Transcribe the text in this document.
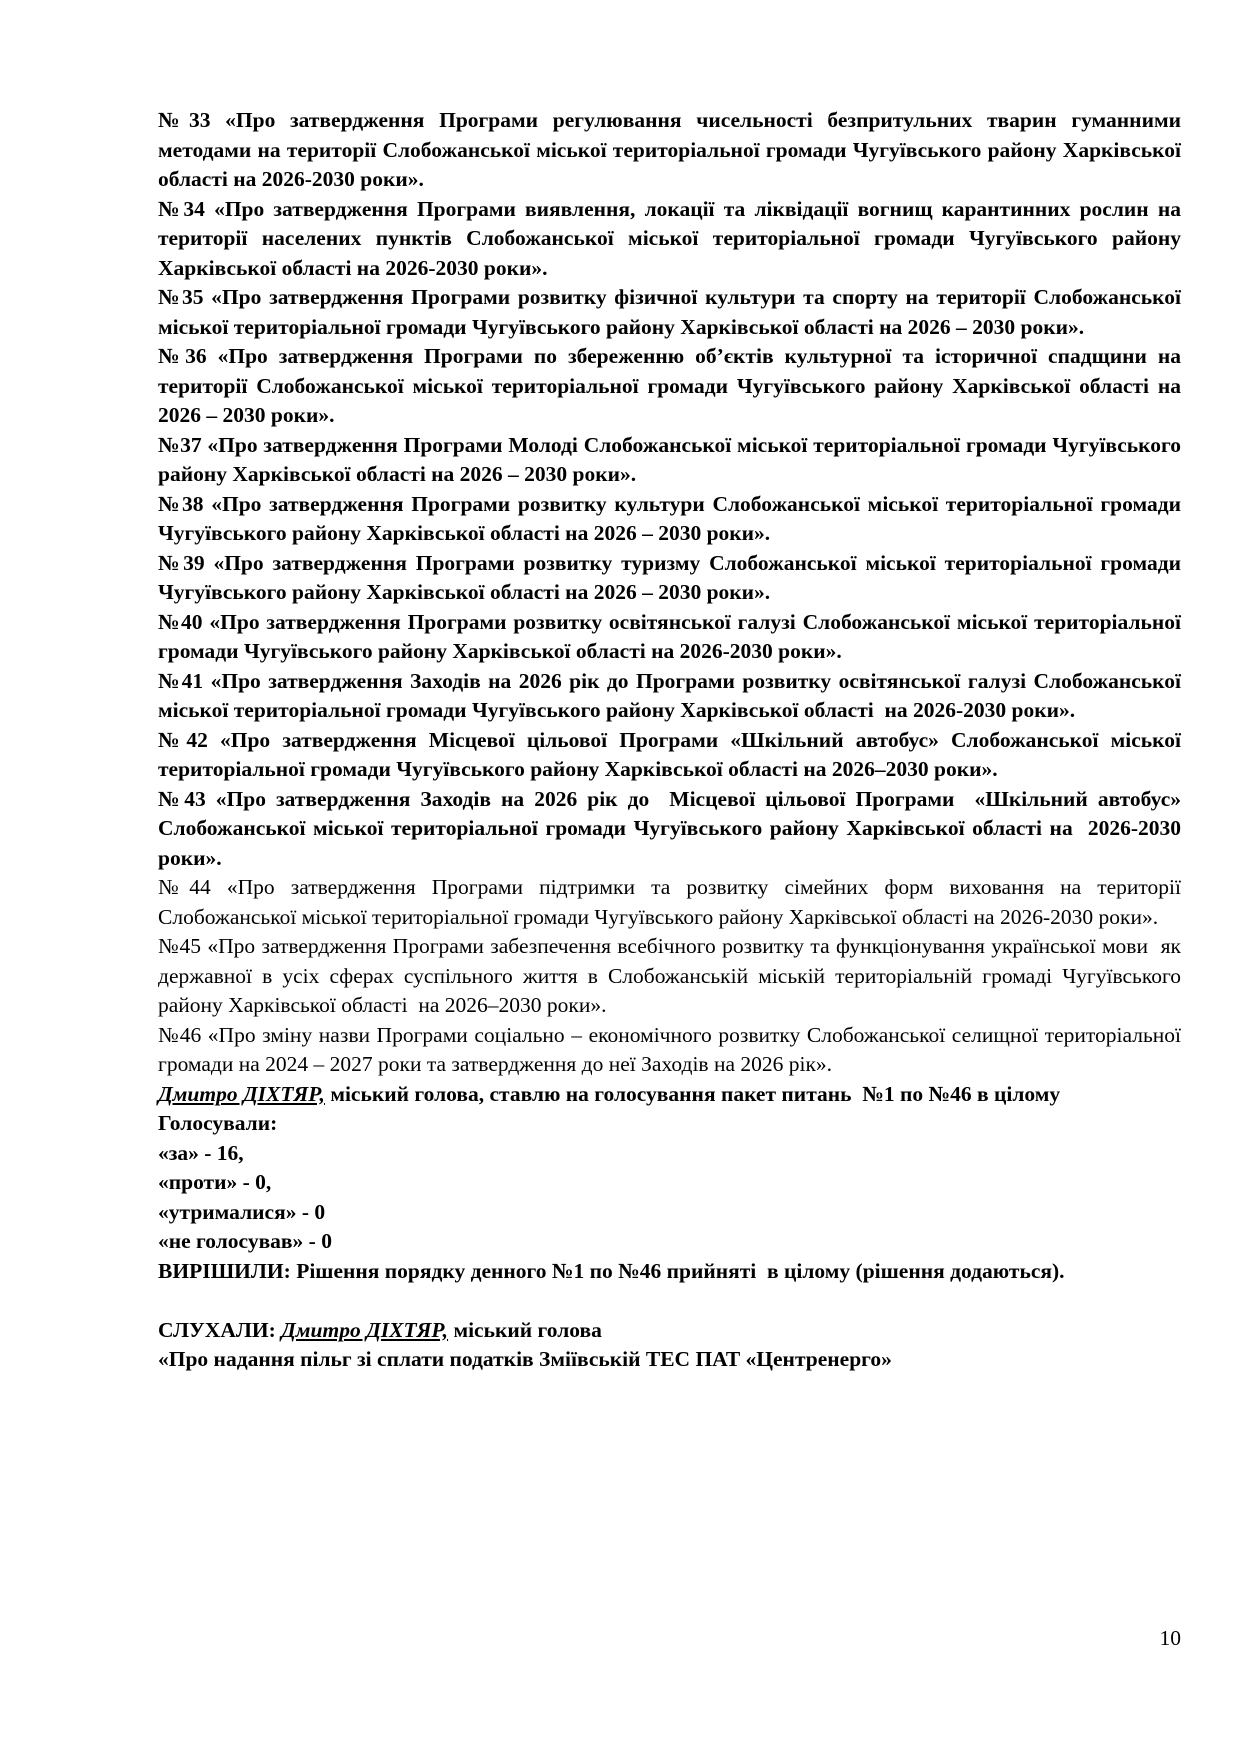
№33 «Про затвердження Програми регулювання чисельності безпритульних тварин гуманними методами на території Слобожанської міської територіальної громади Чугуївського району Харківської області на 2026-2030 роки».

№34 «Про затвердження Програми виявлення, локації та ліквідації вогнищ карантинних рослин на території населених пунктів Слобожанської міської територіальної громади Чугуївського району Харківської області на 2026-2030 роки».

№35 «Про затвердження Програми розвитку фізичної культури та спорту на території Слобожанської міської територіальної громади Чугуївського району Харківської області на 2026 – 2030 роки».

№36 «Про затвердження Програми по збереженню об’єктів культурної та історичної спадщини на території Слобожанської міської територіальної громади Чугуївського району Харківської області на 2026 – 2030 роки».

№37 «Про затвердження Програми Молоді Слобожанської міської територіальної громади Чугуївського району Харківської області на 2026 – 2030 роки».

№38 «Про затвердження Програми розвитку культури Слобожанської міської територіальної громади Чугуївського району Харківської області на 2026 – 2030 роки».

№39 «Про затвердження Програми розвитку туризму Слобожанської міської територіальної громади Чугуївського району Харківської області на 2026 – 2030 роки».

№40 «Про затвердження Програми розвитку освітянської галузі Слобожанської міської територіальної громади Чугуївського району Харківської області на 2026-2030 роки».

№41 «Про затвердження Заходів на 2026 рік до Програми розвитку освітянської галузі Слобожанської міської територіальної громади Чугуївського району Харківської області  на 2026-2030 роки».

№42 «Про затвердження Місцевої цільової Програми «Шкільний автобус» Слобожанської міської територіальної громади Чугуївського району Харківської області на 2026–2030 роки».

№43 «Про затвердження Заходів на 2026 рік до  Місцевої цільової Програми  «Шкільний автобус» Слобожанської міської територіальної громади Чугуївського району Харківської області на  2026-2030 роки».

№44 «Про затвердження Програми підтримки та розвитку сімейних форм виховання на території Слобожанської міської територіальної громади Чугуївського району Харківської області на 2026-2030 роки».

№45 «Про затвердження Програми забезпечення всебічного розвитку та функціонування української мови  як державної в усіх сферах суспільного життя в Слобожанській міській територіальній громаді Чугуївського району Харківської області  на 2026–2030 роки».

№46 «Про зміну назви Програми соціально – економічного розвитку Слобожанської селищної територіальної громади на 2024 – 2027 роки та затвердження до неї Заходів на 2026 рік».

Дмитро ДІХТЯР, міський голова, ставлю на голосування пакет питань  №1 по №46 в цілому

Голосували:

«за» - 16,

«проти» - 0,

«утрималися» - 0

«не голосував» - 0

ВИРІШИЛИ: Рішення порядку денного №1 по №46 прийняті  в цілому (рішення додаються).

СЛУХАЛИ: Дмитро ДІХТЯР, міський голова

«Про надання пільг зі сплати податків Зміївській ТЕС ПАТ «Центренерго»

10
